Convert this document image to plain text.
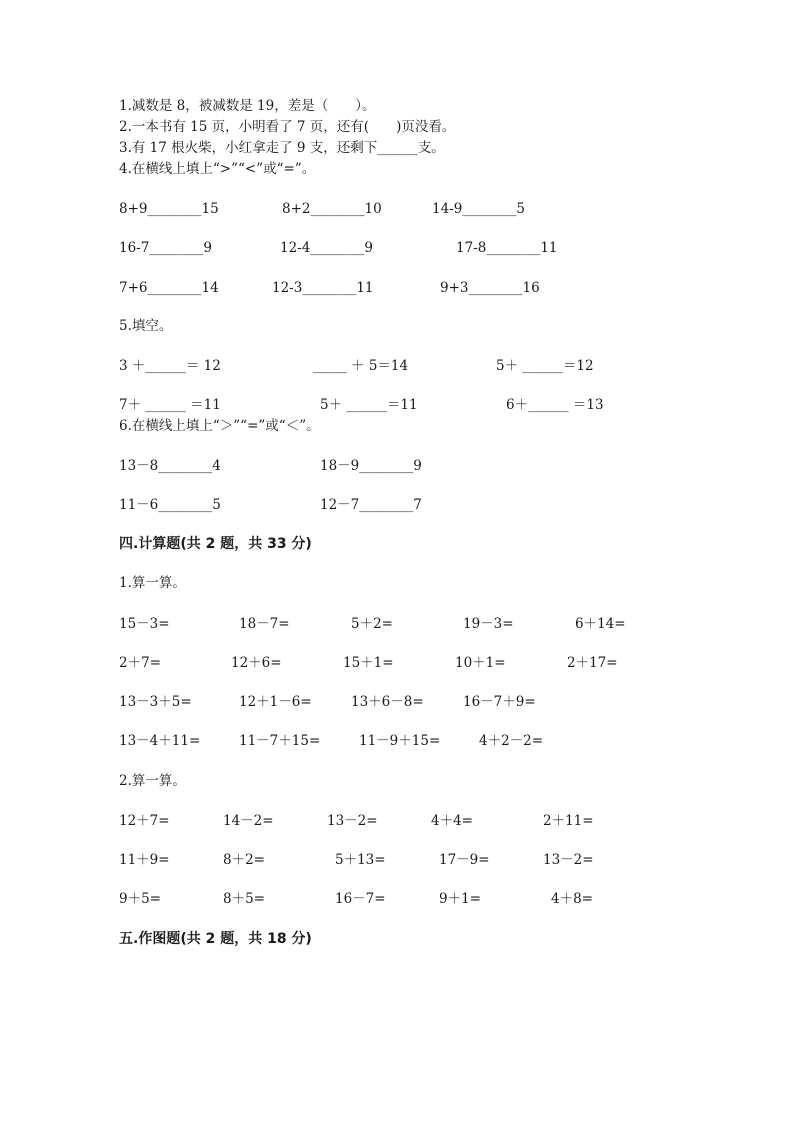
1.减数是 8，被减数是 19，差是（　　）。
2.一本书有 15 页，小明看了 7 页，还有(　　)页没看。
3.有 17 根火柴，小红拿走了 9 支，还剩下______支。
4.在横线上填上“>”“<”或“=”。
8+9________15	8+2________10	14-9________5
16-7________9	12-4________9	17-8________11
7+6________14	12-3________11	9+3________16
5.填空。
3 ＋______＝ 12	_____ ＋ 5＝14	5＋ ______＝12
7＋ ______ ＝11	5＋ ______＝11	6＋______ ＝13
6.在横线上填上“＞”“=”或“＜”。
13－8________4	18－9________9
11－6________5	12－7________7
四.计算题(共 2 题，共 33 分)
1.算一算。
15－3=	18－7=	5＋2=	19－3=	6＋14=
2＋7=	12＋6=	15＋1=	10＋1=	2＋17=
13－3＋5=	12＋1－6=	13＋6－8=	16－7＋9=
13－4＋11=	11－7＋15=	11－9＋15=	4＋2－2=
2.算一算。
12＋7=	14－2=	13－2=	4＋4=	2＋11=
11＋9=	8＋2=	5＋13=	17－9=	13－2=
9＋5=	8＋5=	16－7=	9＋1=	4＋8=
五.作图题(共 2 题，共 18 分)
